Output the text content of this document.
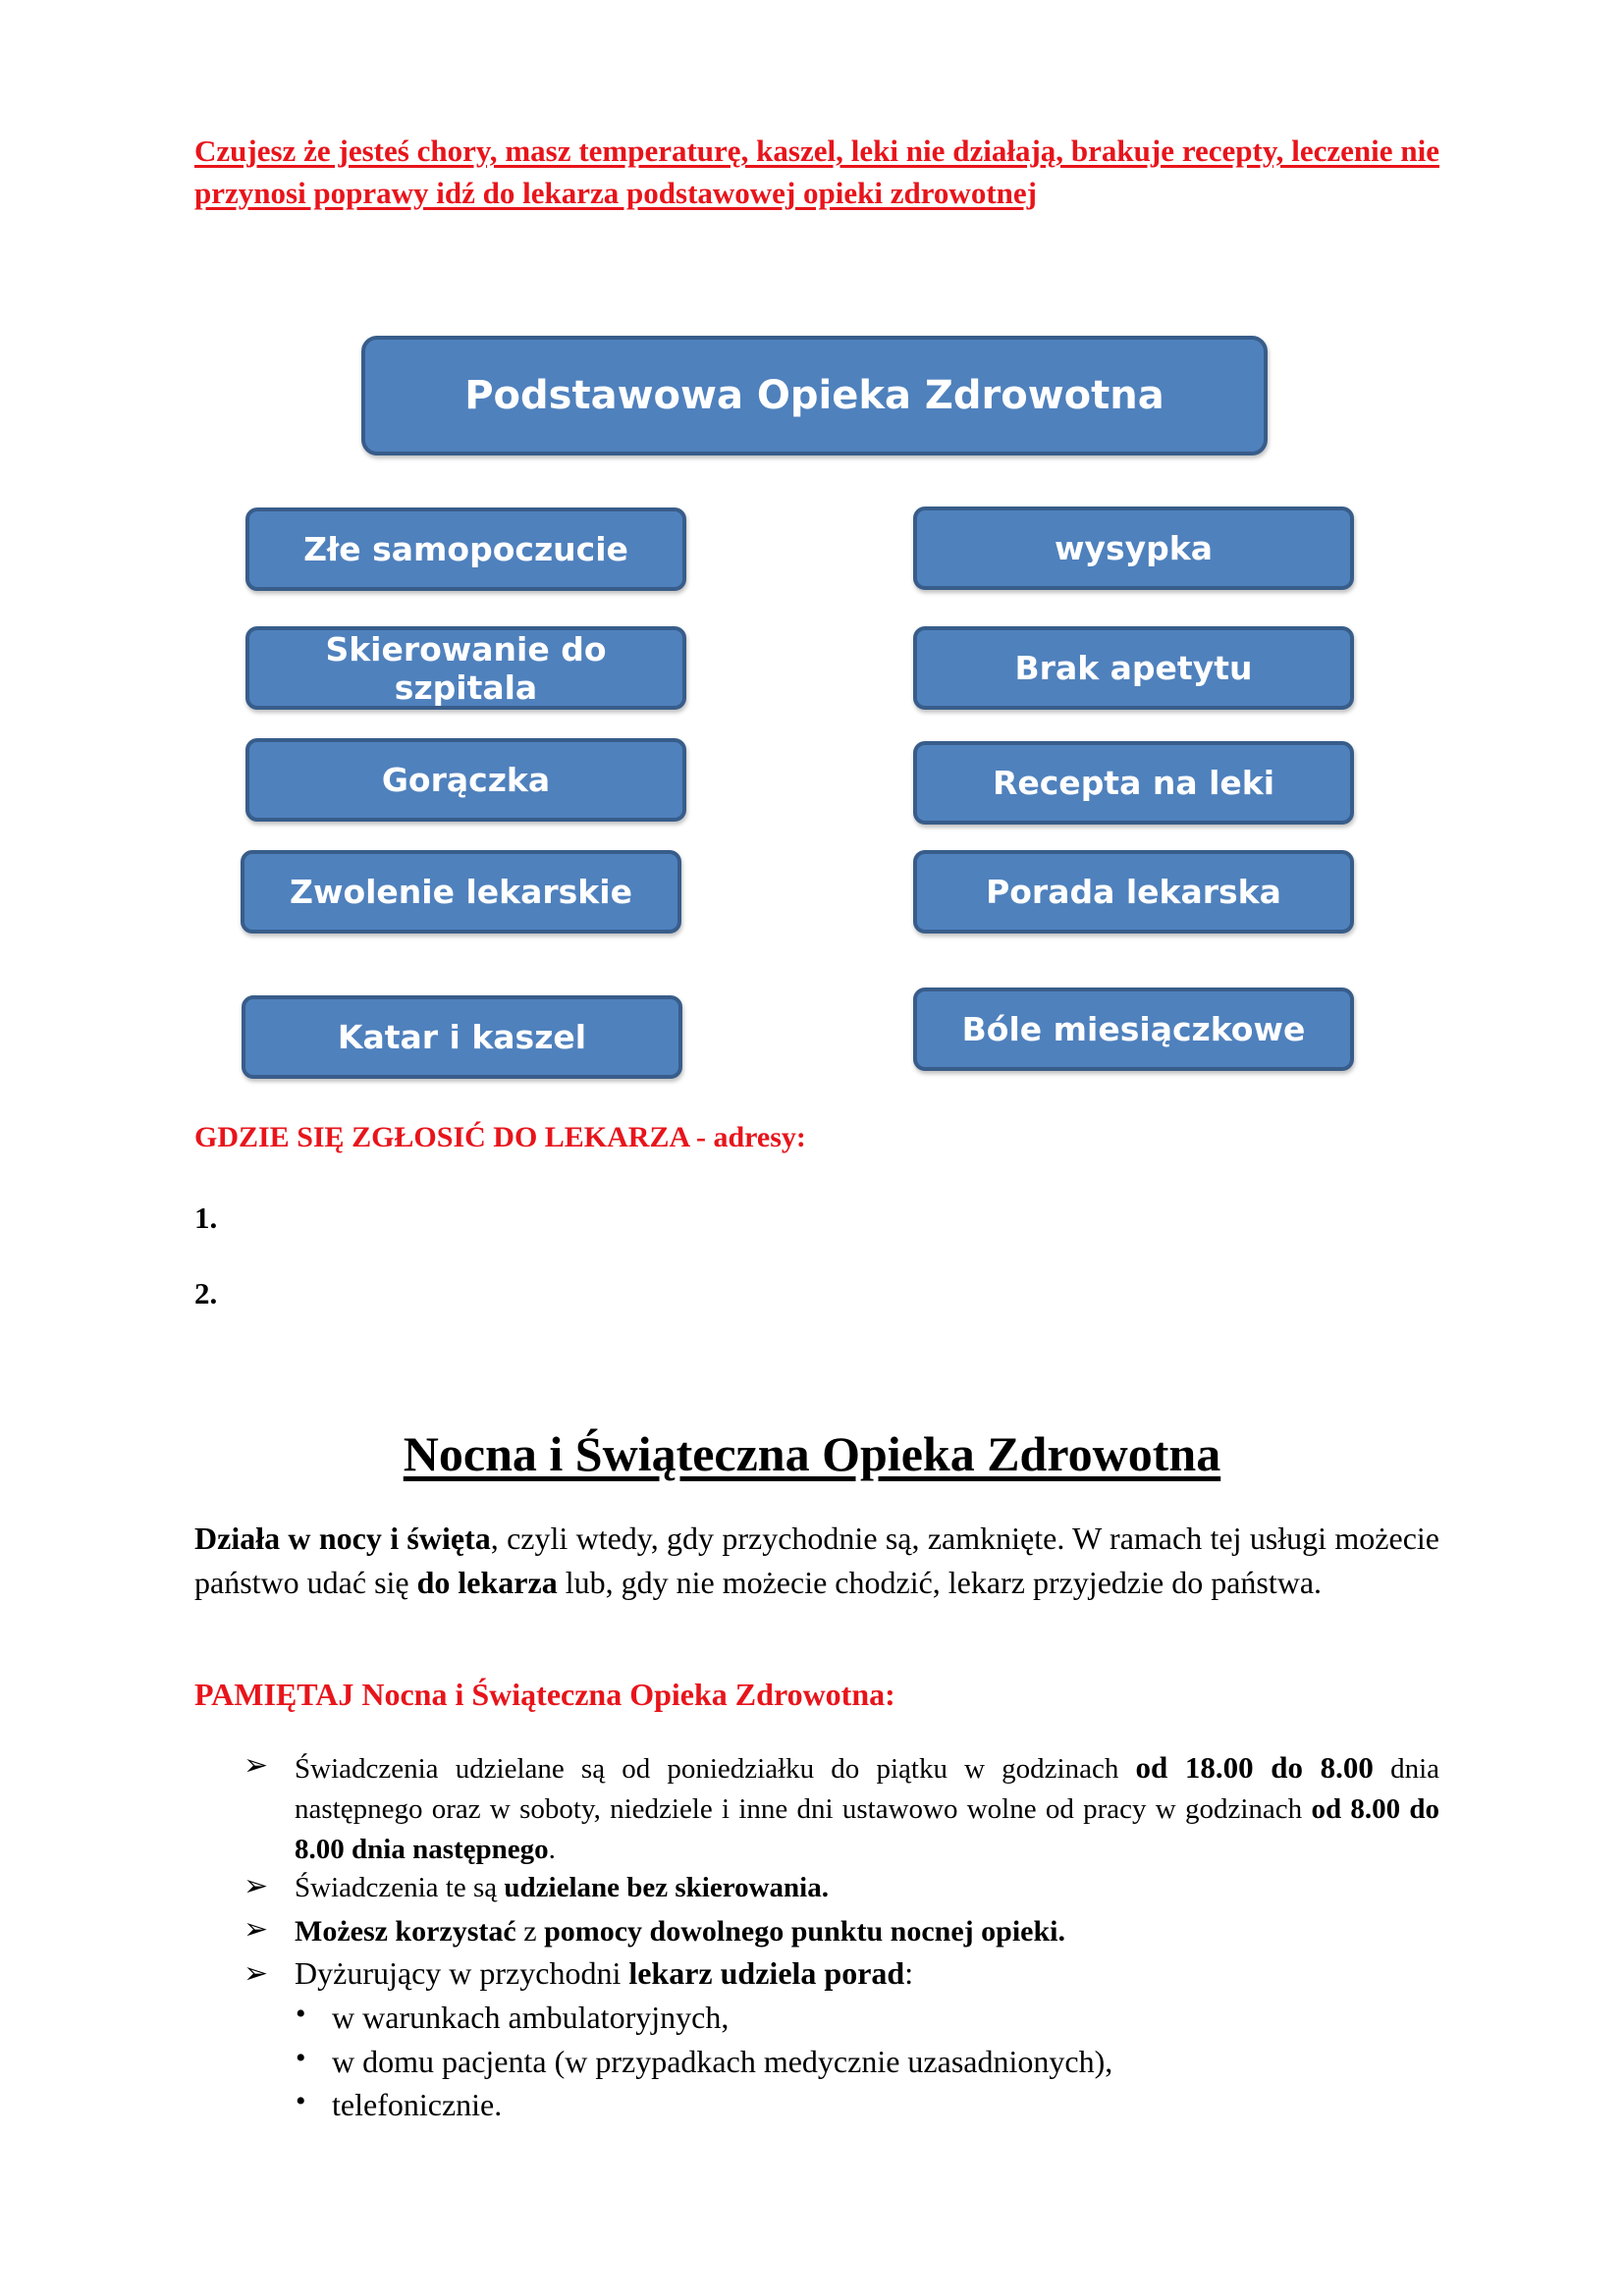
Czujesz że jesteś chory, masz temperaturę, kaszel, leki nie działają, brakuje recepty, leczenie nie przynosi poprawy idź do lekarza podstawowej opieki zdrowotnej
Podstawowa Opieka Zdrowotna
Złe samopoczucie
Skierowanie do szpitala
Gorączka
Zwolenie lekarskie
Katar i kaszel
wysypka
Brak apetytu
Recepta na leki
Porada lekarska
Bóle miesiączkowe
GDZIE SIĘ ZGŁOSIĆ DO LEKARZA - adresy:
1.
2.
Nocna i Świąteczna Opieka Zdrowotna
Działa w nocy i święta, czyli wtedy, gdy przychodnie są, zamknięte. W ramach tej usługi możecie państwo udać się do lekarza lub, gdy nie możecie chodzić, lekarz przyjedzie do państwa.
PAMIĘTAJ Nocna i Świąteczna Opieka Zdrowotna:
➢ Świadczenia udzielane są od poniedziałku do piątku w godzinach od 18.00 do 8.00 dnia następnego oraz w soboty, niedziele i inne dni ustawowo wolne od pracy w godzinach od 8.00 do 8.00 dnia następnego.
➢ Świadczenia te są udzielane bez skierowania.
➢ Możesz korzystać z pomocy dowolnego punktu nocnej opieki.
➢ Dyżurujący w przychodni lekarz udziela porad:
• w warunkach ambulatoryjnych,
• w domu pacjenta (w przypadkach medycznie uzasadnionych),
• telefonicznie.
